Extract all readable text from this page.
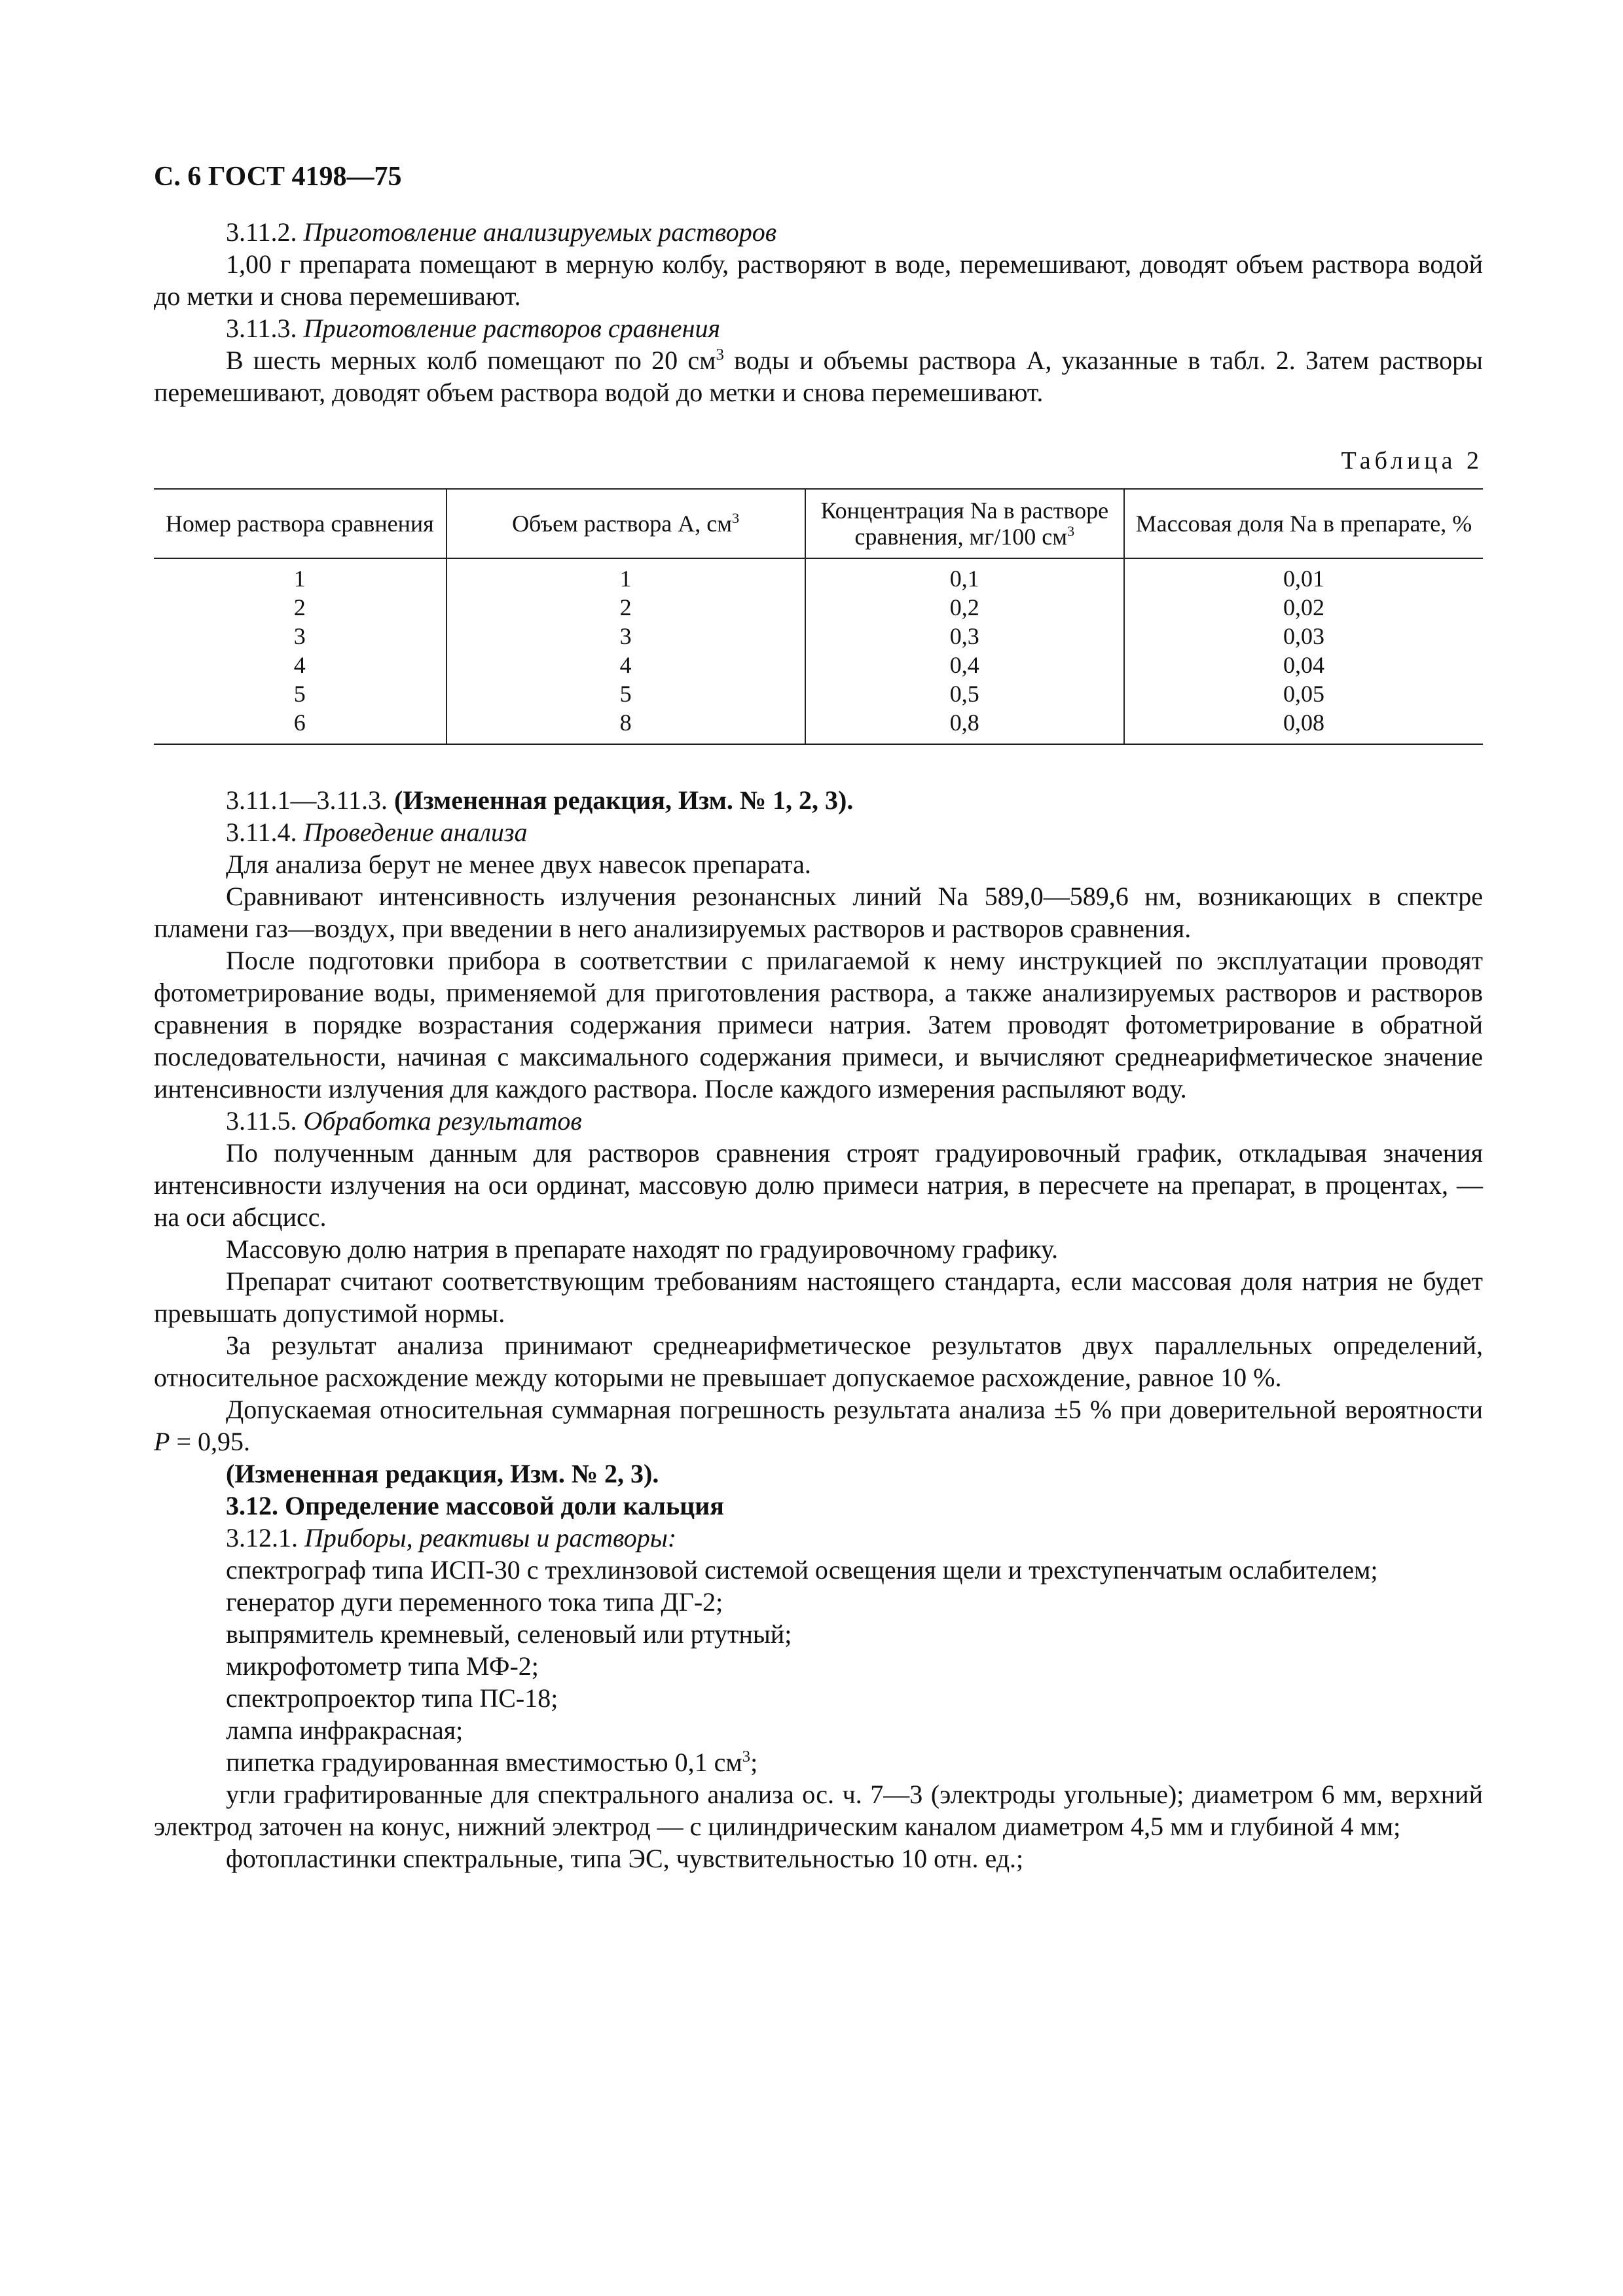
С. 6 ГОСТ 4198—75

3.11.2. Приготовление анализируемых растворов

1,00 г препарата помещают в мерную колбу, растворяют в воде, перемешивают, доводят объем раствора водой до метки и снова перемешивают.

3.11.3. Приготовление растворов сравнения

В шесть мерных колб помещают по 20 $см^3$ воды и объемы раствора А, указанные в табл. 2. Затем растворы перемешивают, доводят объем раствора водой до метки и снова перемешивают.

Таблица 2
Номер раствора сравнения	Объем раствора А, $см^3$	Концентрация Na в растворе сравнения, мг/100 $см^3$	Массовая доля Na в препарате, %
1	1	0,1	0,01
2	2	0,2	0,02
3	3	0,3	0,03
4	4	0,4	0,04
5	5	0,5	0,05
6	8	0,8	0,08

3.11.1—3.11.3. (Измененная редакция, Изм. № 1, 2, 3).

3.11.4. Проведение анализа

Для анализа берут не менее двух навесок препарата.

Сравнивают интенсивность излучения резонансных линий Na 589,0—589,6 нм, возникающих в спектре пламени газ—воздух, при введении в него анализируемых растворов и растворов сравнения.

После подготовки прибора в соответствии с прилагаемой к нему инструкцией по эксплуатации проводят фотометрирование воды, применяемой для приготовления раствора, а также анализируемых растворов и растворов сравнения в порядке возрастания содержания примеси натрия. Затем проводят фотометрирование в обратной последовательности, начиная с максимального содержания примеси, и вычисляют среднеарифметическое значение интенсивности излучения для каждого раствора. После каждого измерения распыляют воду.

3.11.5. Обработка результатов

По полученным данным для растворов сравнения строят градуировочный график, откладывая значения интенсивности излучения на оси ординат, массовую долю примеси натрия, в пересчете на препарат, в процентах, — на оси абсцисс.

Массовую долю натрия в препарате находят по градуировочному графику.

Препарат считают соответствующим требованиям настоящего стандарта, если массовая доля натрия не будет превышать допустимой нормы.

За результат анализа принимают среднеарифметическое результатов двух параллельных определений, относительное расхождение между которыми не превышает допускаемое расхождение, равное 10 %.

Допускаемая относительная суммарная погрешность результата анализа ±5 % при доверительной вероятности P = 0,95.

(Измененная редакция, Изм. № 2, 3).

3.12. Определение массовой доли кальция

3.12.1. Приборы, реактивы и растворы:

спектрограф типа ИСП-30 с трехлинзовой системой освещения щели и трехступенчатым ослабителем;

генератор дуги переменного тока типа ДГ-2;

выпрямитель кремневый, селеновый или ртутный;

микрофотометр типа МФ-2;

спектропроектор типа ПС-18;

лампа инфракрасная;

пипетка градуированная вместимостью 0,1 $см^3$;

угли графитированные для спектрального анализа ос. ч. 7—3 (электроды угольные); диаметром 6 мм, верхний электрод заточен на конус, нижний электрод — с цилиндрическим каналом диаметром 4,5 мм и глубиной 4 мм;

фотопластинки спектральные, типа ЭС, чувствительностью 10 отн. ед.;
